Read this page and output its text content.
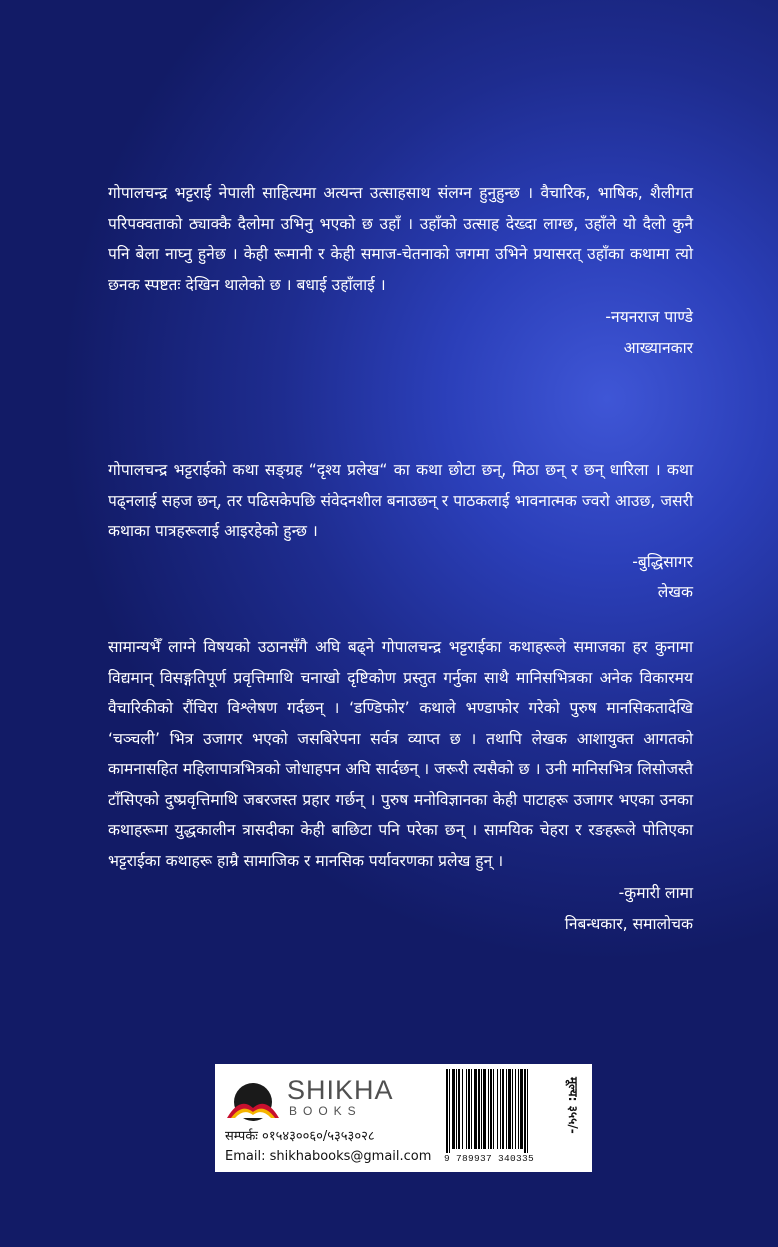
गोपालचन्द्र भट्टराई नेपाली साहित्यमा अत्यन्त उत्साहसाथ संलग्न हुनुहुन्छ । वैचारिक, भाषिक, शैलीगत परिपक्वताको ठ्याक्कै दैलोमा उभिनु भएको छ उहाँ । उहाँको उत्साह देख्दा लाग्छ, उहाँले यो दैलो कुनै पनि बेला नाघ्नु हुनेछ । केही रूमानी र केही समाज-चेतनाको जगमा उभिने प्रयासरत् उहाँका कथामा त्यो छनक स्पष्टतः देखिन थालेको छ । बधाई उहाँलाई ।

-नयनराज पाण्डे
आख्यानकार

गोपालचन्द्र भट्टराईको कथा सङ्ग्रह “दृश्य प्रलेख“ का कथा छोटा छन्, मिठा छन् र छन् धारिला । कथा पढ्नलाई सहज छन्, तर पढिसकेपछि संवेदनशील बनाउछन् र पाठकलाई भावनात्मक ज्वरो आउछ, जसरी कथाका पात्रहरूलाई आइरहेको हुन्छ ।

-बुद्धिसागर
लेखक

सामान्यभैँ लाग्ने विषयको उठानसँगै अघि बढ्ने गोपालचन्द्र भट्टराईका कथाहरूले समाजका हर कुनामा विद्यमान् विसङ्गतिपूर्ण प्रवृत्तिमाथि चनाखो दृष्टिकोण प्रस्तुत गर्नुका साथै मानिसभित्रका अनेक विकारमय वैचारिकीको रौंचिरा विश्लेषण गर्दछन् । ‘डण्डिफोर’ कथाले भण्डाफोर गरेको पुरुष मानसिकतादेखि ‘चञ्चली’ भित्र उजागर भएको जसबिरेपना सर्वत्र व्याप्त छ । तथापि लेखक आशायुक्त आगतको कामनासहित महिलापात्रभित्रको जोधाहपन अघि सार्दछन् । जरूरी त्यसैको छ । उनी मानिसभित्र लिसोजस्तै टाँसिएको दुष्प्रवृत्तिमाथि जबरजस्त प्रहार गर्छन् । पुरुष मनोविज्ञानका केही पाटाहरू उजागर भएका उनका कथाहरूमा युद्धकालीन त्रासदीका केही बाछिटा पनि परेका छन् । सामयिक चेहरा र रङहरूले पोतिएका भट्टराईका कथाहरू हाम्रै सामाजिक र मानसिक पर्यावरणका प्रलेख हुन् ।

-कुमारी लामा
निबन्धकार, समालोचक
SHIKHA
BOOKS
सम्पर्कः ०१५४३००६०/५३५३०२८
Email: shikhabooks@gmail.com 9 789937 340335
मूल्य: ३५५/-
